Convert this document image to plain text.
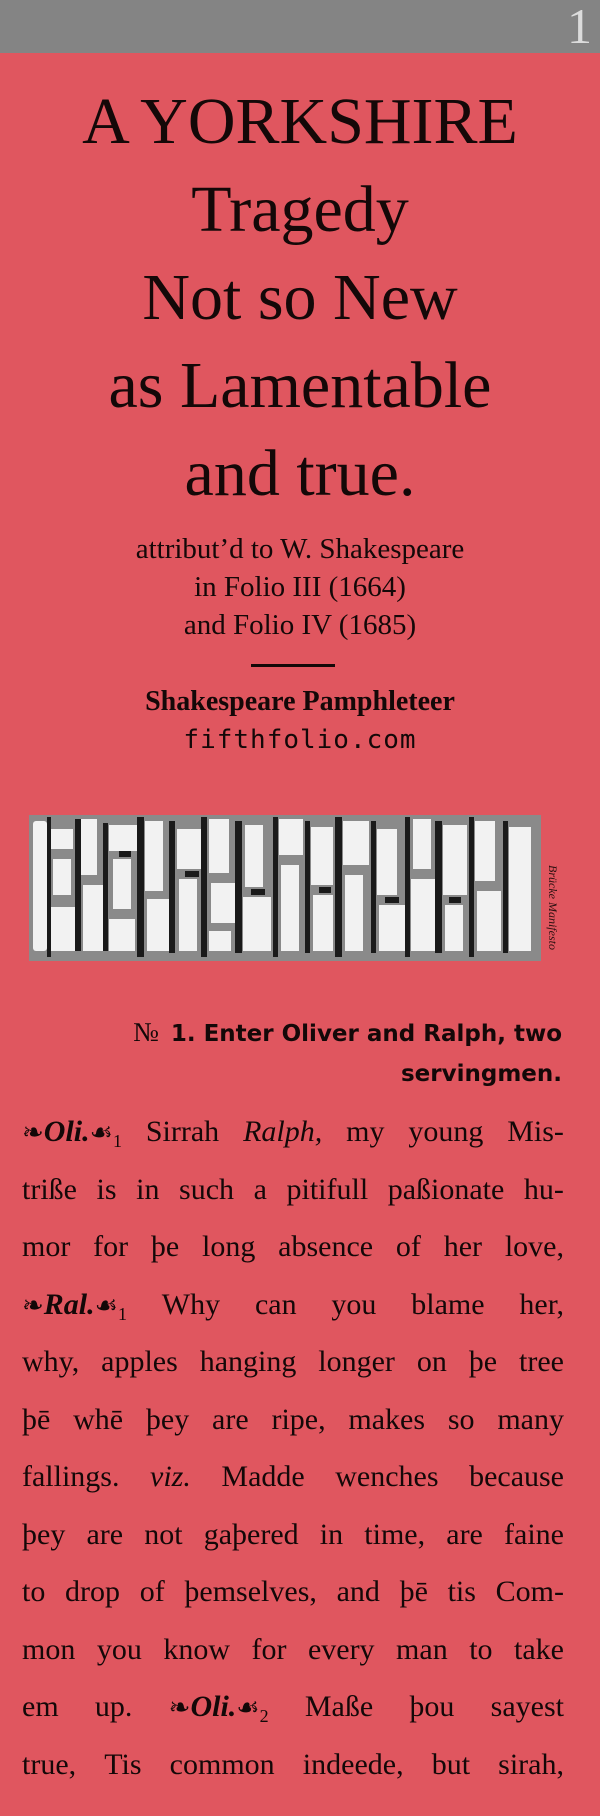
1
A YORKSHIRE
Tragedy
Not so New
as Lamentable
and true.
attribut’d to W. Shakespeare
in Folio III (1664)
and Folio IV (1685)
Shakespeare Pamphleteer
fifthfolio.com
Brücke Manifesto
№ 1. Enter Oliver and Ralph, two
servingmen.
❧Oli.☙1 Sirrah Ralph, my young Mis-
triße is in such a pitifull paßionate hu-
mor for þe long absence of her love,
❧Ral.☙1 Why can you blame her,
why, apples hanging longer on þe tree
þē whē þey are ripe, makes so many
fallings. viz. Madde wenches because
þey are not gaþered in time, are faine
to drop of þemselves, and þē tis Com-
mon you know for every man to take
em up. ❧Oli.☙2 Maße þou sayest
true, Tis common indeede, but sirah,
